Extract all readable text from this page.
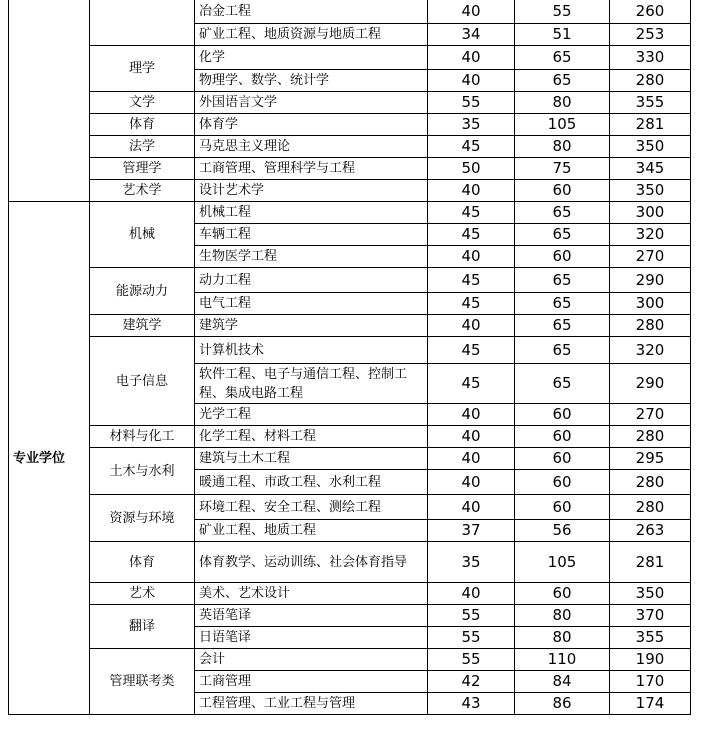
		冶金工程	40	55	260
		矿业工程、地质资源与地质工程	34	51	253
	理学	化学	40	65	330
		物理学、数学、统计学	40	65	280
	文学	外国语言文学	55	80	355
	体育	体育学	35	105	281
	法学	马克思主义理论	45	80	350
	管理学	工商管理、管理科学与工程	50	75	345
	艺术学	设计艺术学	40	60	350
专业学位	机械	机械工程	45	65	300
		车辆工程	45	65	320
		生物医学工程	40	60	270
	能源动力	动力工程	45	65	290
		电气工程	45	65	300
	建筑学	建筑学	40	65	280
	电子信息	计算机技术	45	65	320
		软件工程、电子与通信工程、控制工程、集成电路工程	45	65	290
		光学工程	40	60	270
	材料与化工	化学工程、材料工程	40	60	280
	土木与水利	建筑与土木工程	40	60	295
		暖通工程、市政工程、水利工程	40	60	280
	资源与环境	环境工程、安全工程、测绘工程	40	60	280
		矿业工程、地质工程	37	56	263
	体育	体育教学、运动训练、社会体育指导	35	105	281
	艺术	美术、艺术设计	40	60	350
	翻译	英语笔译	55	80	370
		日语笔译	55	80	355
	管理联考类	会计	55	110	190
		工商管理	42	84	170
		工程管理、工业工程与管理	43	86	174
